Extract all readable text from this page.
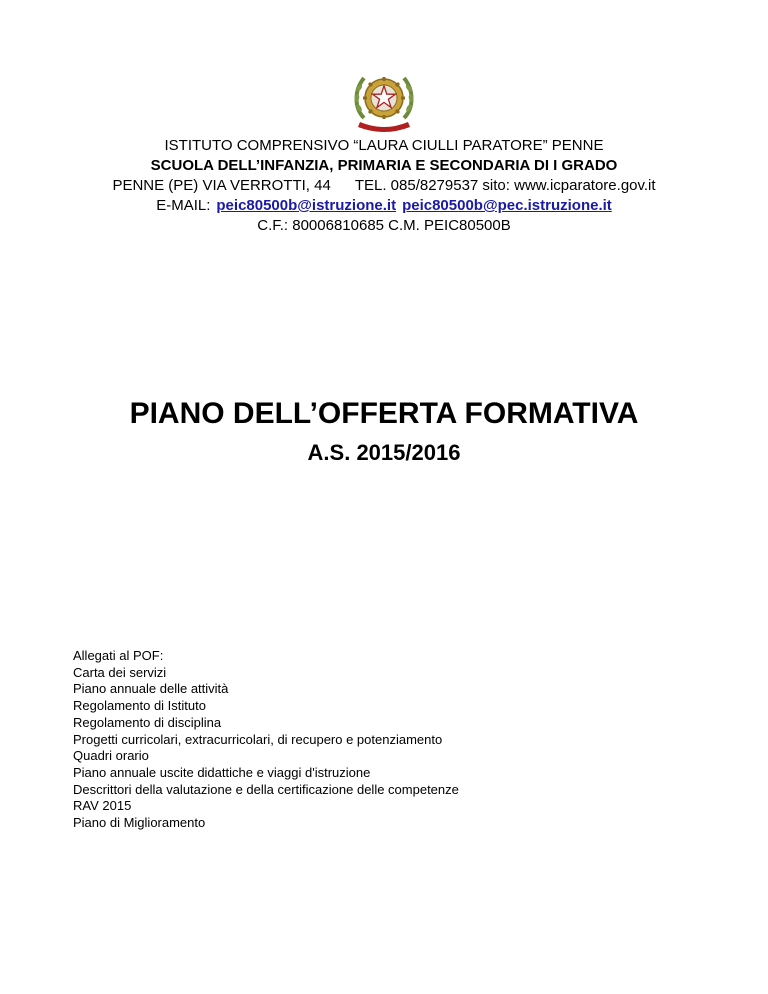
ISTITUTO COMPRENSIVO “LAURA CIULLI PARATORE” PENNE
SCUOLA DELL’INFANZIA, PRIMARIA E SECONDARIA DI I GRADO
PENNE (PE) VIA VERROTTI, 44 TEL. 085/8279537 sito: www.icparatore.gov.it
E-MAIL: peic80500b@istruzione.it peic80500b@pec.istruzione.it
C.F.: 80006810685 C.M. PEIC80500B
PIANO DELL’OFFERTA FORMATIVA
A.S. 2015/2016
Allegati al POF:
Carta dei servizi
Piano annuale delle attività
Regolamento di Istituto
Regolamento di disciplina
Progetti curricolari, extracurricolari, di recupero e potenziamento
Quadri orario
Piano annuale uscite didattiche e viaggi d'istruzione
Descrittori della valutazione e della certificazione delle competenze
RAV 2015
Piano di Miglioramento
